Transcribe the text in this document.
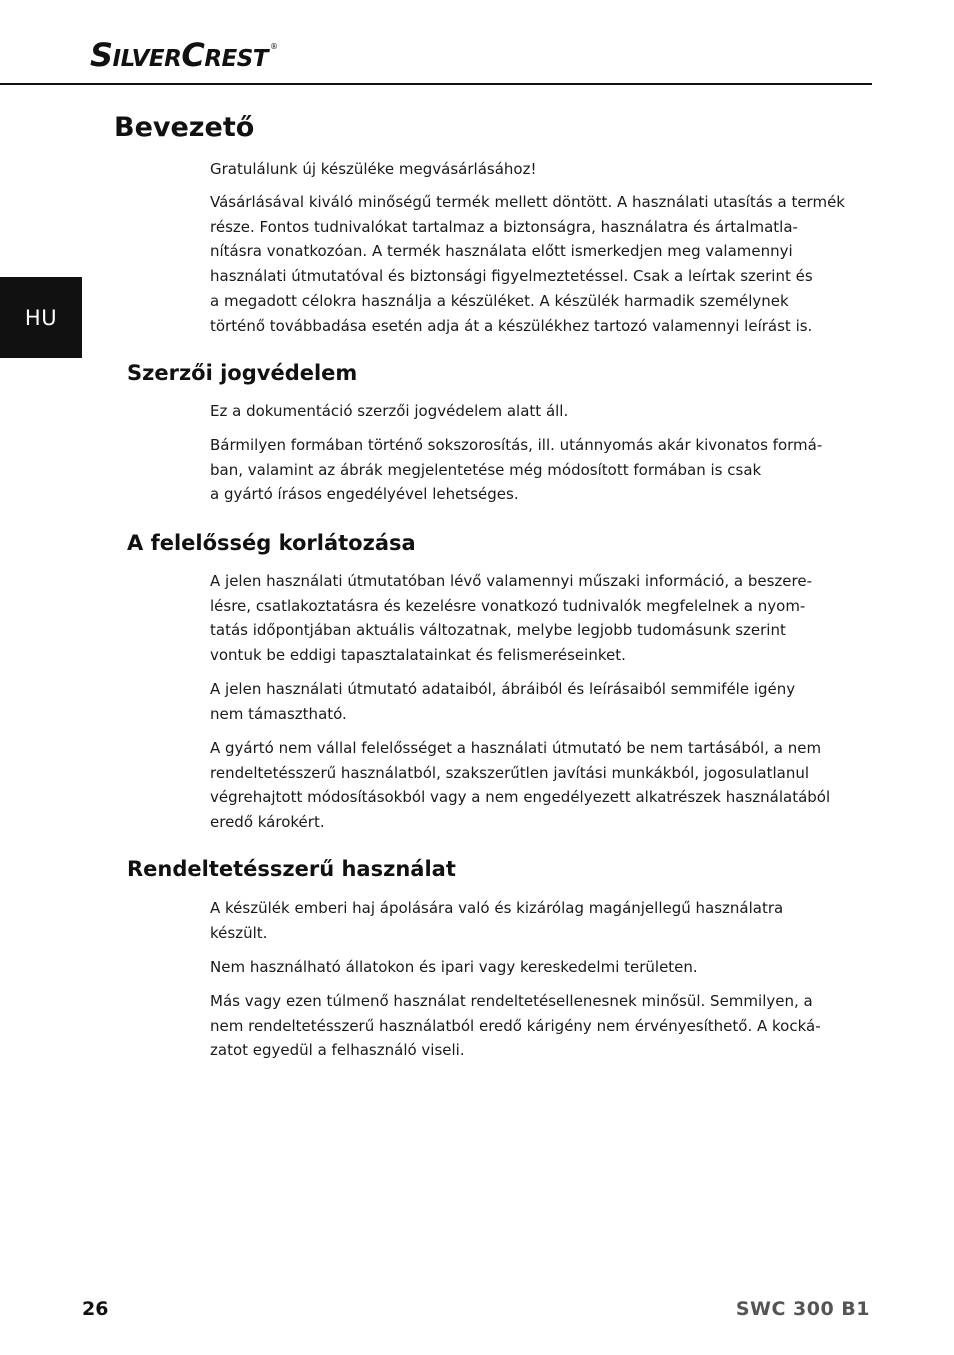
SILVERCREST ®
HU
Bevezető

Gratulálunk új készüléke megvásárlásához!

Vásárlásával kiváló minőségű termék mellett döntött. A használati utasítás a termék
része. Fontos tudnivalókat tartalmaz a biztonságra, használatra és ártalmatla-
nításra vonatkozóan. A termék használata előtt ismerkedjen meg valamennyi
használati útmutatóval és biztonsági figyelmeztetéssel. Csak a leírtak szerint és
a megadott célokra használja a készüléket. A készülék harmadik személynek
történő továbbadása esetén adja át a készülékhez tartozó valamennyi leírást is.

Szerzői jogvédelem

Ez a dokumentáció szerzői jogvédelem alatt áll.

Bármilyen formában történő sokszorosítás, ill. utánnyomás akár kivonatos formá-
ban, valamint az ábrák megjelentetése még módosított formában is csak
a gyártó írásos engedélyével lehetséges.

A felelősség korlátozása

A jelen használati útmutatóban lévő valamennyi műszaki információ, a beszere-
lésre, csatlakoztatásra és kezelésre vonatkozó tudnivalók megfelelnek a nyom-
tatás időpontjában aktuális változatnak, melybe legjobb tudomásunk szerint
vontuk be eddigi tapasztalatainkat és felismeréseinket.

A jelen használati útmutató adataiból, ábráiból és leírásaiból semmiféle igény
nem támasztható.

A gyártó nem vállal felelősséget a használati útmutató be nem tartásából, a nem
rendeltetésszerű használatból, szakszerűtlen javítási munkákból, jogosulatlanul
végrehajtott módosításokból vagy a nem engedélyezett alkatrészek használatából
eredő károkért.

Rendeltetésszerű használat

A készülék emberi haj ápolására való és kizárólag magánjellegű használatra
készült.

Nem használható állatokon és ipari vagy kereskedelmi területen.

Más vagy ezen túlmenő használat rendeltetésellenesnek minősül. Semmilyen, a
nem rendeltetésszerű használatból eredő kárigény nem érvényesíthető. A kocká-
zatot egyedül a felhasználó viseli.

26	SWC 300 B1
